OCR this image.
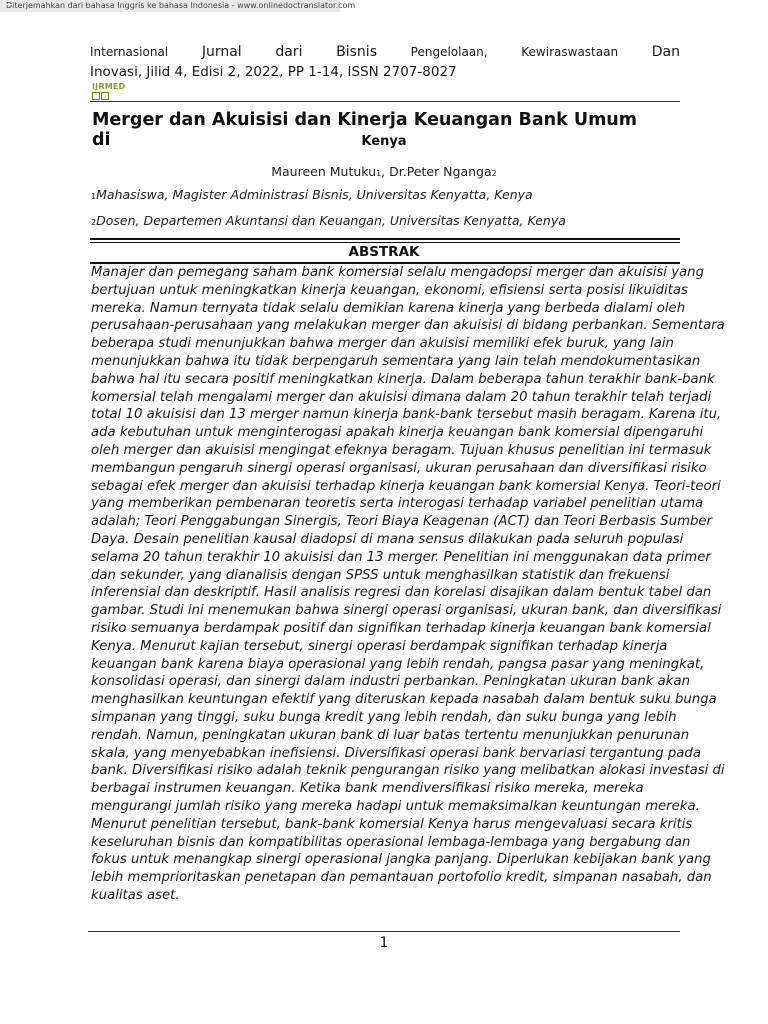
Diterjemahkan dari bahasa Inggris ke bahasa Indonesia - www.onlinedoctranslator.com
Internasional Jurnal dari Bisnis	Pengelolaan,	Kewiraswastaan Dan
Inovasi, Jilid 4, Edisi 2, 2022, PP 1-14, ISSN 2707-8027
IJRMED
Merger dan Akuisisi dan Kinerja Keuangan Bank Umum di	Kenya
Maureen Mutuku1, Dr.Peter Nganga2
1Mahasiswa, Magister Administrasi Bisnis, Universitas Kenyatta, Kenya
2Dosen, Departemen Akuntansi dan Keuangan, Universitas Kenyatta, Kenya
ABSTRAK
Manajer dan pemegang saham bank komersial selalu mengadopsi merger dan akuisisi yang
bertujuan untuk meningkatkan kinerja keuangan, ekonomi, efisiensi serta posisi likuiditas
mereka. Namun ternyata tidak selalu demikian karena kinerja yang berbeda dialami oleh
perusahaan-perusahaan yang melakukan merger dan akuisisi di bidang perbankan. Sementara
beberapa studi menunjukkan bahwa merger dan akuisisi memiliki efek buruk, yang lain
menunjukkan bahwa itu tidak berpengaruh sementara yang lain telah mendokumentasikan
bahwa hal itu secara positif meningkatkan kinerja. Dalam beberapa tahun terakhir bank-bank
komersial telah mengalami merger dan akuisisi dimana dalam 20 tahun terakhir telah terjadi
total 10 akuisisi dan 13 merger namun kinerja bank-bank tersebut masih beragam. Karena itu,
ada kebutuhan untuk menginterogasi apakah kinerja keuangan bank komersial dipengaruhi
oleh merger dan akuisisi mengingat efeknya beragam. Tujuan khusus penelitian ini termasuk
membangun pengaruh sinergi operasi organisasi, ukuran perusahaan dan diversifikasi risiko
sebagai efek merger dan akuisisi terhadap kinerja keuangan bank komersial Kenya. Teori-teori
yang memberikan pembenaran teoretis serta interogasi terhadap variabel penelitian utama
adalah; Teori Penggabungan Sinergis, Teori Biaya Keagenan (ACT) dan Teori Berbasis Sumber
Daya. Desain penelitian kausal diadopsi di mana sensus dilakukan pada seluruh populasi
selama 20 tahun terakhir 10 akuisisi dan 13 merger. Penelitian ini menggunakan data primer
dan sekunder, yang dianalisis dengan SPSS untuk menghasilkan statistik dan frekuensi
inferensial dan deskriptif. Hasil analisis regresi dan korelasi disajikan dalam bentuk tabel dan
gambar. Studi ini menemukan bahwa sinergi operasi organisasi, ukuran bank, dan diversifikasi
risiko semuanya berdampak positif dan signifikan terhadap kinerja keuangan bank komersial
Kenya. Menurut kajian tersebut, sinergi operasi berdampak signifikan terhadap kinerja
keuangan bank karena biaya operasional yang lebih rendah, pangsa pasar yang meningkat,
konsolidasi operasi, dan sinergi dalam industri perbankan. Peningkatan ukuran bank akan
menghasilkan keuntungan efektif yang diteruskan kepada nasabah dalam bentuk suku bunga
simpanan yang tinggi, suku bunga kredit yang lebih rendah, dan suku bunga yang lebih
rendah. Namun, peningkatan ukuran bank di luar batas tertentu menunjukkan penurunan
skala, yang menyebabkan inefisiensi. Diversifikasi operasi bank bervariasi tergantung pada
bank. Diversifikasi risiko adalah teknik pengurangan risiko yang melibatkan alokasi investasi di
berbagai instrumen keuangan. Ketika bank mendiversifikasi risiko mereka, mereka
mengurangi jumlah risiko yang mereka hadapi untuk memaksimalkan keuntungan mereka.
Menurut penelitian tersebut, bank-bank komersial Kenya harus mengevaluasi secara kritis
keseluruhan bisnis dan kompatibilitas operasional lembaga-lembaga yang bergabung dan
fokus untuk menangkap sinergi operasional jangka panjang. Diperlukan kebijakan bank yang
lebih memprioritaskan penetapan dan pemantauan portofolio kredit, simpanan nasabah, dan
kualitas aset.
1
